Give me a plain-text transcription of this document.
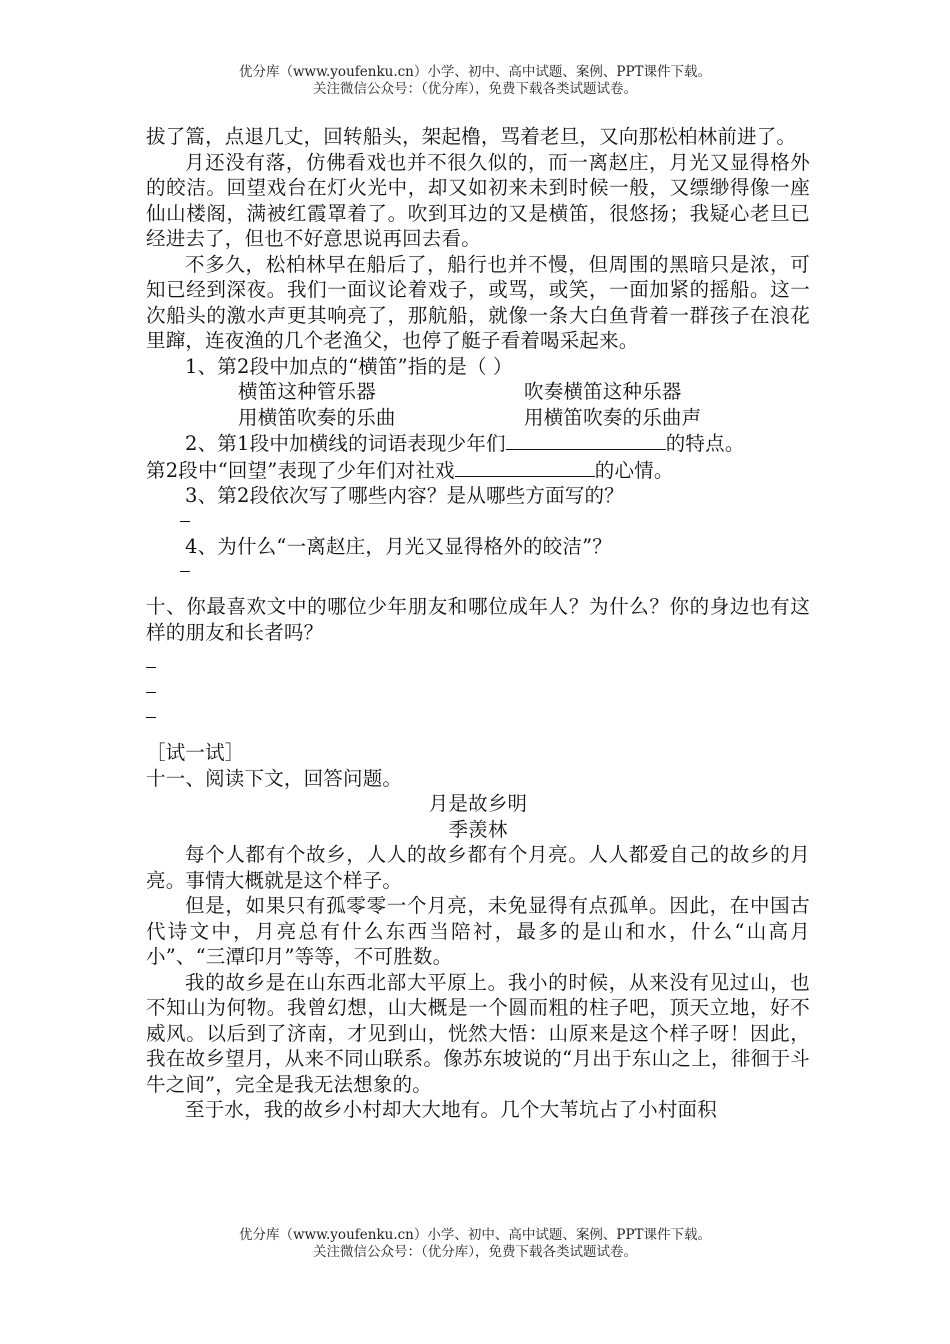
优分库（www.youfenku.cn）小学、初中、高中试题、案例、PPT课件下载。
关注微信公众号：（优分库），免费下载各类试题试卷。

拔了篙，点退几丈，回转船头，架起橹，骂着老旦，又向那松柏林前进了。

月还没有落，仿佛看戏也并不很久似的，而一离赵庄，月光又显得格外的皎洁。回望戏台在灯火光中，却又如初来未到时候一般，又缥缈得像一座仙山楼阁，满被红霞罩着了。吹到耳边的又是横笛，很悠扬；我疑心老旦已经进去了，但也不好意思说再回去看。

不多久，松柏林早在船后了，船行也并不慢，但周围的黑暗只是浓，可知已经到深夜。我们一面议论着戏子，或骂，或笑，一面加紧的摇船。这一次船头的激水声更其响亮了，那航船，就像一条大白鱼背着一群孩子在浪花里蹿，连夜渔的几个老渔父，也停了艇子看着喝采起来。

1、第2段中加点的“横笛”指的是（ ）

横笛这种管乐器	吹奏横笛这种乐器
用横笛吹奏的乐曲	用横笛吹奏的乐曲声

2、第1段中加横线的词语表现少年们	的特点。

第2段中“回望”表现了少年们对社戏	的心情。

3、第2段依次写了哪些内容？是从哪些方面写的？

4、为什么“一离赵庄，月光又显得格外的皎洁”？

十、你最喜欢文中的哪位少年朋友和哪位成年人？为什么？你的身边也有这样的朋友和长者吗？

［试一试］

十一、阅读下文，回答问题。

月是故乡明

季羡林

每个人都有个故乡，人人的故乡都有个月亮。人人都爱自己的故乡的月亮。事情大概就是这个样子。

但是，如果只有孤零零一个月亮，未免显得有点孤单。因此，在中国古代诗文中，月亮总有什么东西当陪衬，最多的是山和水，什么“山高月小”、“三潭印月”等等，不可胜数。

我的故乡是在山东西北部大平原上。我小的时候，从来没有见过山，也不知山为何物。我曾幻想，山大概是一个圆而粗的柱子吧，顶天立地，好不威风。以后到了济南，才见到山，恍然大悟：山原来是这个样子呀！因此，我在故乡望月，从来不同山联系。像苏东坡说的“月出于东山之上，徘徊于斗牛之间”，完全是我无法想象的。

至于水，我的故乡小村却大大地有。几个大苇坑占了小村面积

优分库（www.youfenku.cn）小学、初中、高中试题、案例、PPT课件下载。
关注微信公众号：（优分库），免费下载各类试题试卷。
